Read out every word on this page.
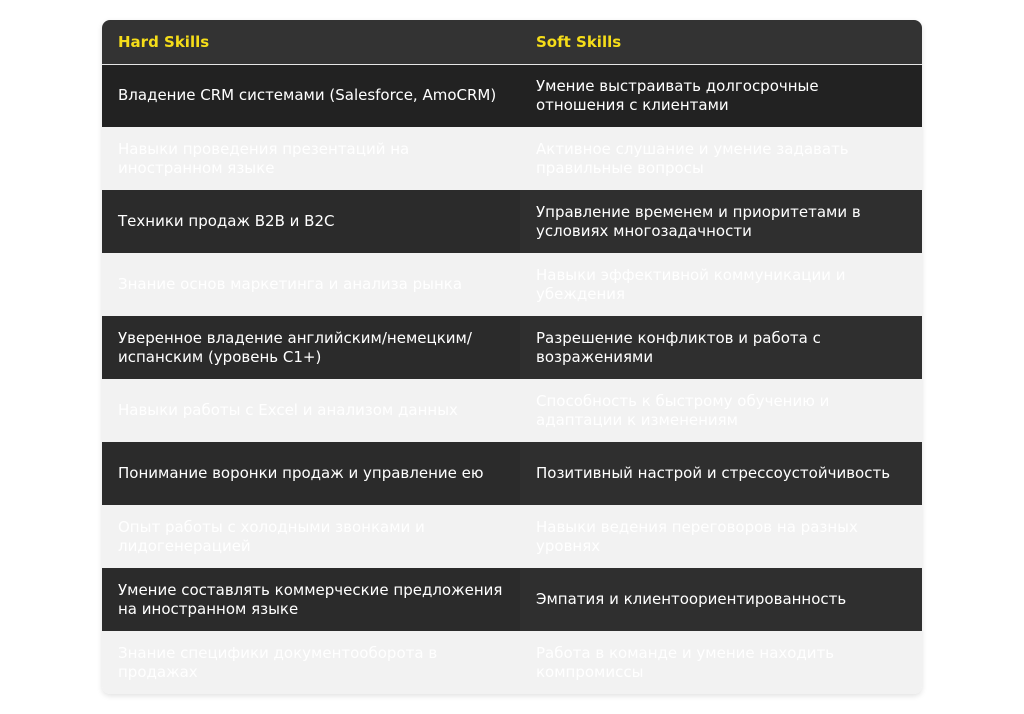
Hard Skills	Soft Skills
Владение CRM системами (Salesforce, AmoCRM)	Умение выстраивать долгосрочные отношения с клиентами
Навыки проведения презентаций на иностранном языке	Активное слушание и умение задавать правильные вопросы
Техники продаж B2B и B2C	Управление временем и приоритетами в условиях многозадачности
Знание основ маркетинга и анализа рынка	Навыки эффективной коммуникации и убеждения
Уверенное владение английским/немецким/испанским (уровень C1+)	Разрешение конфликтов и работа с возражениями
Навыки работы с Excel и анализом данных	Способность к быстрому обучению и адаптации к изменениям
Понимание воронки продаж и управление ею	Позитивный настрой и стрессоустойчивость
Опыт работы с холодными звонками и лидогенерацией	Навыки ведения переговоров на разных уровнях
Умение составлять коммерческие предложения на иностранном языке	Эмпатия и клиентоориентированность
Знание специфики документооборота в продажах	Работа в команде и умение находить компромиссы
